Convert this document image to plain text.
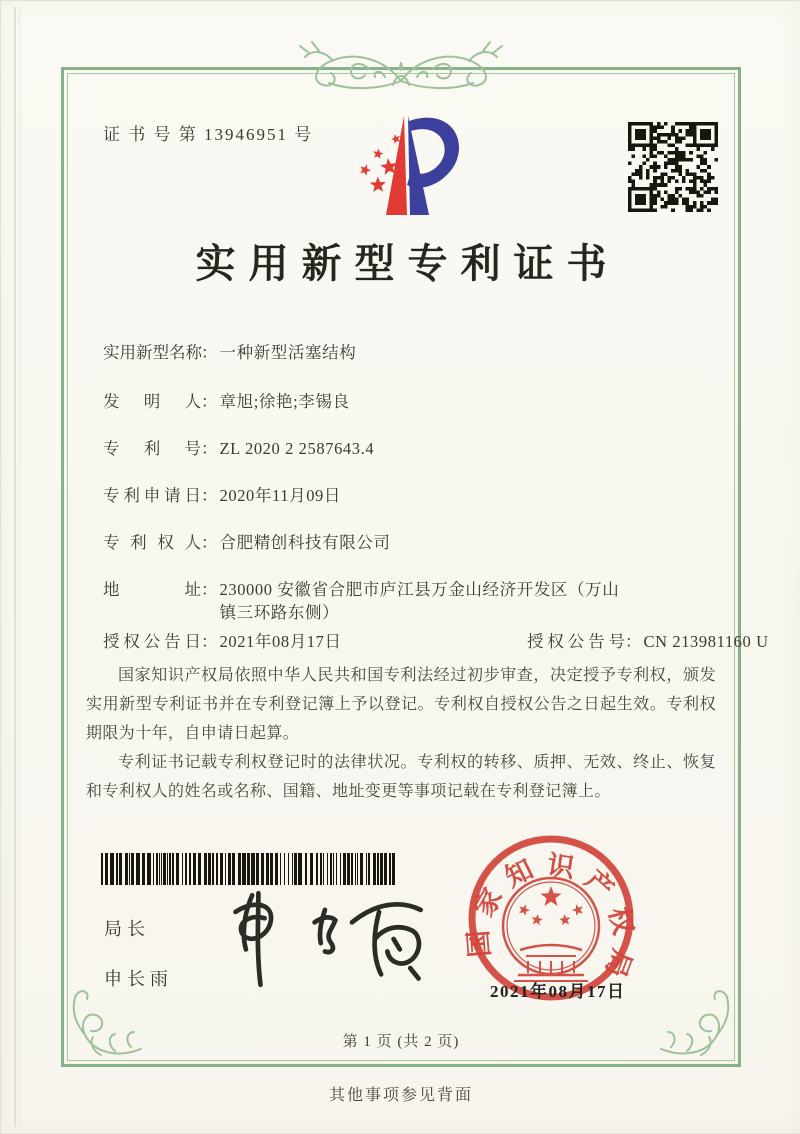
证 书 号 第 13946951 号
实用新型专利证书
实用新型名称： 一种新型活塞结构
发明人： 章旭;徐艳;李锡良
专利号： ZL 2020 2 2587643.4
专利申请日： 2020年11月09日
专利权人： 合肥精创科技有限公司
地址： 230000 安徽省合肥市庐江县万金山经济开发区（万山镇三环路东侧）
授权公告日： 2021年08月17日	授权公告号： CN 213981160 U

国家知识产权局依照中华人民共和国专利法经过初步审查，决定授予专利权，颁发实用新型专利证书并在专利登记簿上予以登记。专利权自授权公告之日起生效。专利权期限为十年，自申请日起算。

专利证书记载专利权登记时的法律状况。专利权的转移、质押、无效、终止、恢复和专利权人的姓名或名称、国籍、地址变更等事项记载在专利登记簿上。

局长
申长雨
国家知识产权局
2021年08月17日
第 1 页 (共 2 页)
其他事项参见背面
